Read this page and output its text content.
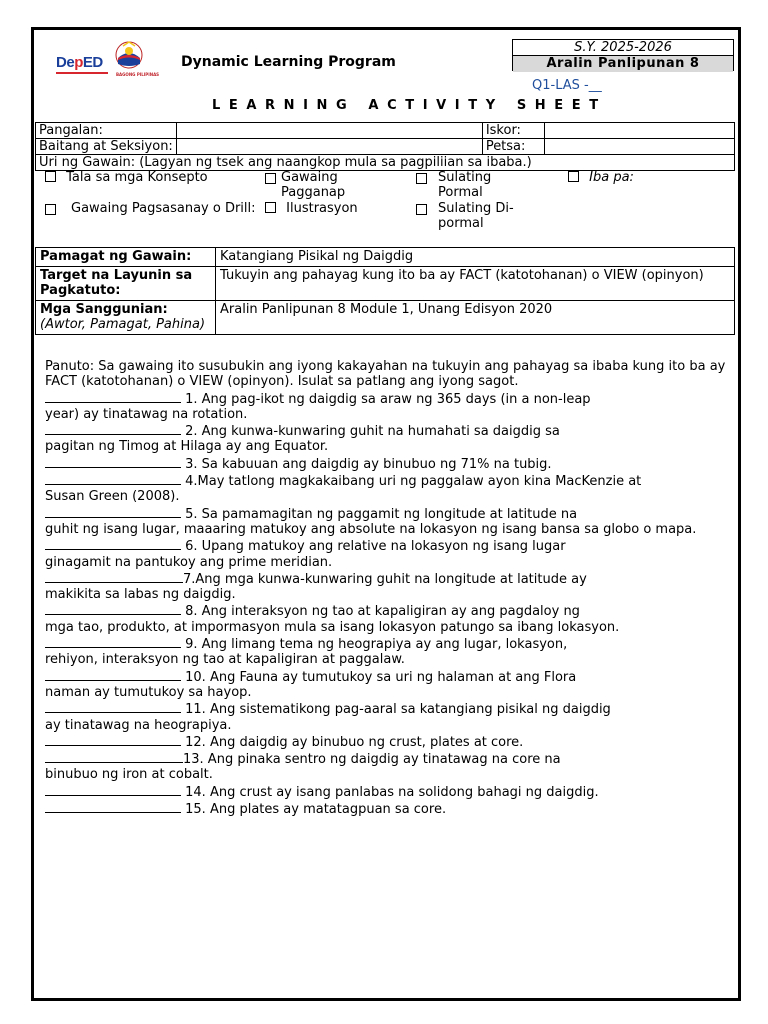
DepED
BAGONG PILIPINAS
Dynamic Learning Program
S.Y. 2025-2026
Aralin Panlipunan 8
Q1-LAS -__
LEARNING ACTIVITY SHEET
Pangalan:		Iskor:	
Baitang at Seksiyon:		Petsa:	
Uri ng Gawain: (Lagyan ng tsek ang naangkop mula sa pagpiliian sa ibaba.)			
Tala sa mga Konsepto	Gawaing Pagganap
Sulating Pormal
Iba pa:
Gawaing Pagsasanay o Drill:	Ilustrasyon	Sulating Di-pormal
Pamagat ng Gawain:	Katangiang Pisikal ng Daigdig
Target na Layunin sa Pagkatuto:	Tukuyin ang pahayag kung ito ba ay FACT (katotohanan) o VIEW (opinyon)
Mga Sanggunian:
(Awtor, Pamagat, Pahina)	Aralin Panlipunan 8 Module 1, Unang Edisyon 2020

Panuto: Sa gawaing ito susubukin ang iyong kakayahan na tukuyin ang pahayag sa ibaba kung ito ba ay FACT (katotohanan) o VIEW (opinyon). Isulat sa patlang ang iyong sagot.

1. Ang pag-ikot ng daigdig sa araw ng 365 days (in a non-leap
year) ay tinatawag na rotation.

2. Ang kunwa-kunwaring guhit na humahati sa daigdig sa
pagitan ng Timog at Hilaga ay ang Equator.

3. Sa kabuuan ang daigdig ay binubuo ng 71% na tubig.

4.May tatlong magkakaibang uri ng paggalaw ayon kina MacKenzie at
Susan Green (2008).

5. Sa pamamagitan ng paggamit ng longitude at latitude na
guhit ng isang lugar, maaaring matukoy ang absolute na lokasyon ng isang bansa sa globo o mapa.

6. Upang matukoy ang relative na lokasyon ng isang lugar
ginagamit na pantukoy ang prime meridian.

7.Ang mga kunwa-kunwaring guhit na longitude at latitude ay
makikita sa labas ng daigdig.

8. Ang interaksyon ng tao at kapaligiran ay ang pagdaloy ng
mga tao, produkto, at impormasyon mula sa isang lokasyon patungo sa ibang lokasyon.

9. Ang limang tema ng heograpiya ay ang lugar, lokasyon,
rehiyon, interaksyon ng tao at kapaligiran at paggalaw.

10. Ang Fauna ay tumutukoy sa uri ng halaman at ang Flora
naman ay tumutukoy sa hayop.

11. Ang sistematikong pag-aaral sa katangiang pisikal ng daigdig
ay tinatawag na heograpiya.

12. Ang daigdig ay binubuo ng crust, plates at core.

13. Ang pinaka sentro ng daigdig ay tinatawag na core na
binubuo ng iron at cobalt.

14. Ang crust ay isang panlabas na solidong bahagi ng daigdig.

15. Ang plates ay matatagpuan sa core.
